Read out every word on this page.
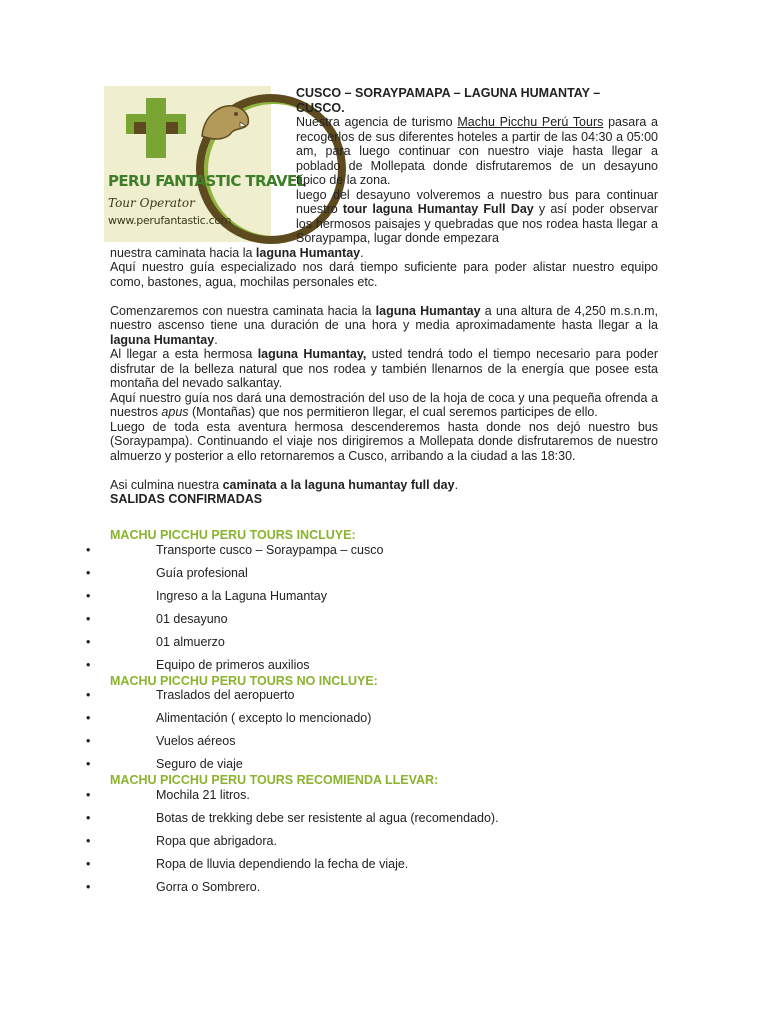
PERU FANTASTIC TRAVEL
Tour Operator
www.perufantastic.com

CUSCO – SORAYPAMAPA – LAGUNA HUMANTAY –
CUSCO.

Nuestra agencia de turismo Machu Picchu Perú Tours pasara a recogerlos de sus diferentes hoteles a partir de las 04:30 a 05:00 am, para luego continuar con nuestro viaje hasta llegar a poblado de Mollepata donde disfrutaremos de un desayuno típico de la zona.

luego del desayuno volveremos a nuestro bus para continuar nuestro tour laguna Humantay Full Day y así poder observar los hermosos paisajes y quebradas que nos rodea hasta llegar a Soraypampa, lugar donde empezara

nuestra caminata hacia la laguna Humantay.

Aquí nuestro guía especializado nos dará tiempo suficiente para poder alistar nuestro equipo como, bastones, agua, mochilas personales etc.

Comenzaremos con nuestra caminata hacia la laguna Humantay a una altura de 4,250 m.s.n.m, nuestro ascenso tiene una duración de una hora y media aproximadamente hasta llegar a la laguna Humantay.

Al llegar a esta hermosa laguna Humantay, usted tendrá todo el tiempo necesario para poder disfrutar de la belleza natural que nos rodea y también llenarnos de la energía que posee esta montaña del nevado salkantay.

Aquí nuestro guía nos dará una demostración del uso de la hoja de coca y una pequeña ofrenda a nuestros apus (Montañas) que nos permitieron llegar, el cual seremos participes de ello.

Luego de toda esta aventura hermosa descenderemos hasta donde nos dejó nuestro bus (Soraypampa). Continuando el viaje nos dirigiremos a Mollepata donde disfrutaremos de nuestro almuerzo y posterior a ello retornaremos a Cusco, arribando a la ciudad a las 18:30.

Asi culmina nuestra caminata a la laguna humantay full day.

SALIDAS CONFIRMADAS

MACHU PICCHU PERU TOURS INCLUYE:

•	Transporte cusco – Soraypampa – cusco
•	Guía profesional
•	Ingreso a la Laguna Humantay
•	01 desayuno
•	01 almuerzo
•	Equipo de primeros auxilios

MACHU PICCHU PERU TOURS NO INCLUYE:

•	Traslados del aeropuerto
•	Alimentación ( excepto lo mencionado)
•	Vuelos aéreos
•	Seguro de viaje

MACHU PICCHU PERU TOURS RECOMIENDA LLEVAR:

•	Mochila 21 litros.
•	Botas de trekking debe ser resistente al agua (recomendado).
•	Ropa que abrigadora.
•	Ropa de lluvia dependiendo la fecha de viaje.
•	Gorra o Sombrero.
